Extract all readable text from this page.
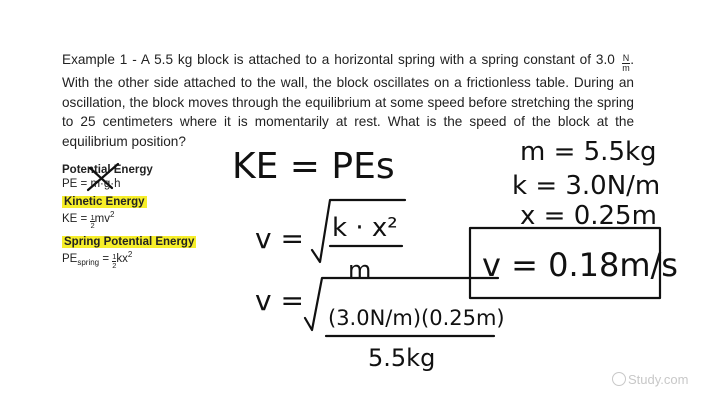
Example 1 - A 5.5 kg block is attached to a horizontal spring with a spring constant of $3.0 \frac{N}{m}$ . With the other side attached to the wall, the block oscillates on a frictionless table. During an oscillation, the block moves through the equilibrium at some speed before stretching the spring to 25 centimeters where it is momentarily at rest. What is the speed of the block at the equilibrium position?
Potential Energy
PE = m·g·h
Kinetic Energy
KE = $\frac{1}{2}mv^2$
Spring Potential Energy
$PE_{spring} = \frac{1}{2}kx^2$
KE = PEs
v = k · x²
m
v =
(3.0N/m)(0.25m)
5.5kg
m = 5.5kg
k = 3.0N/m
x = 0.25m
v = 0.18m/s
Study.com
